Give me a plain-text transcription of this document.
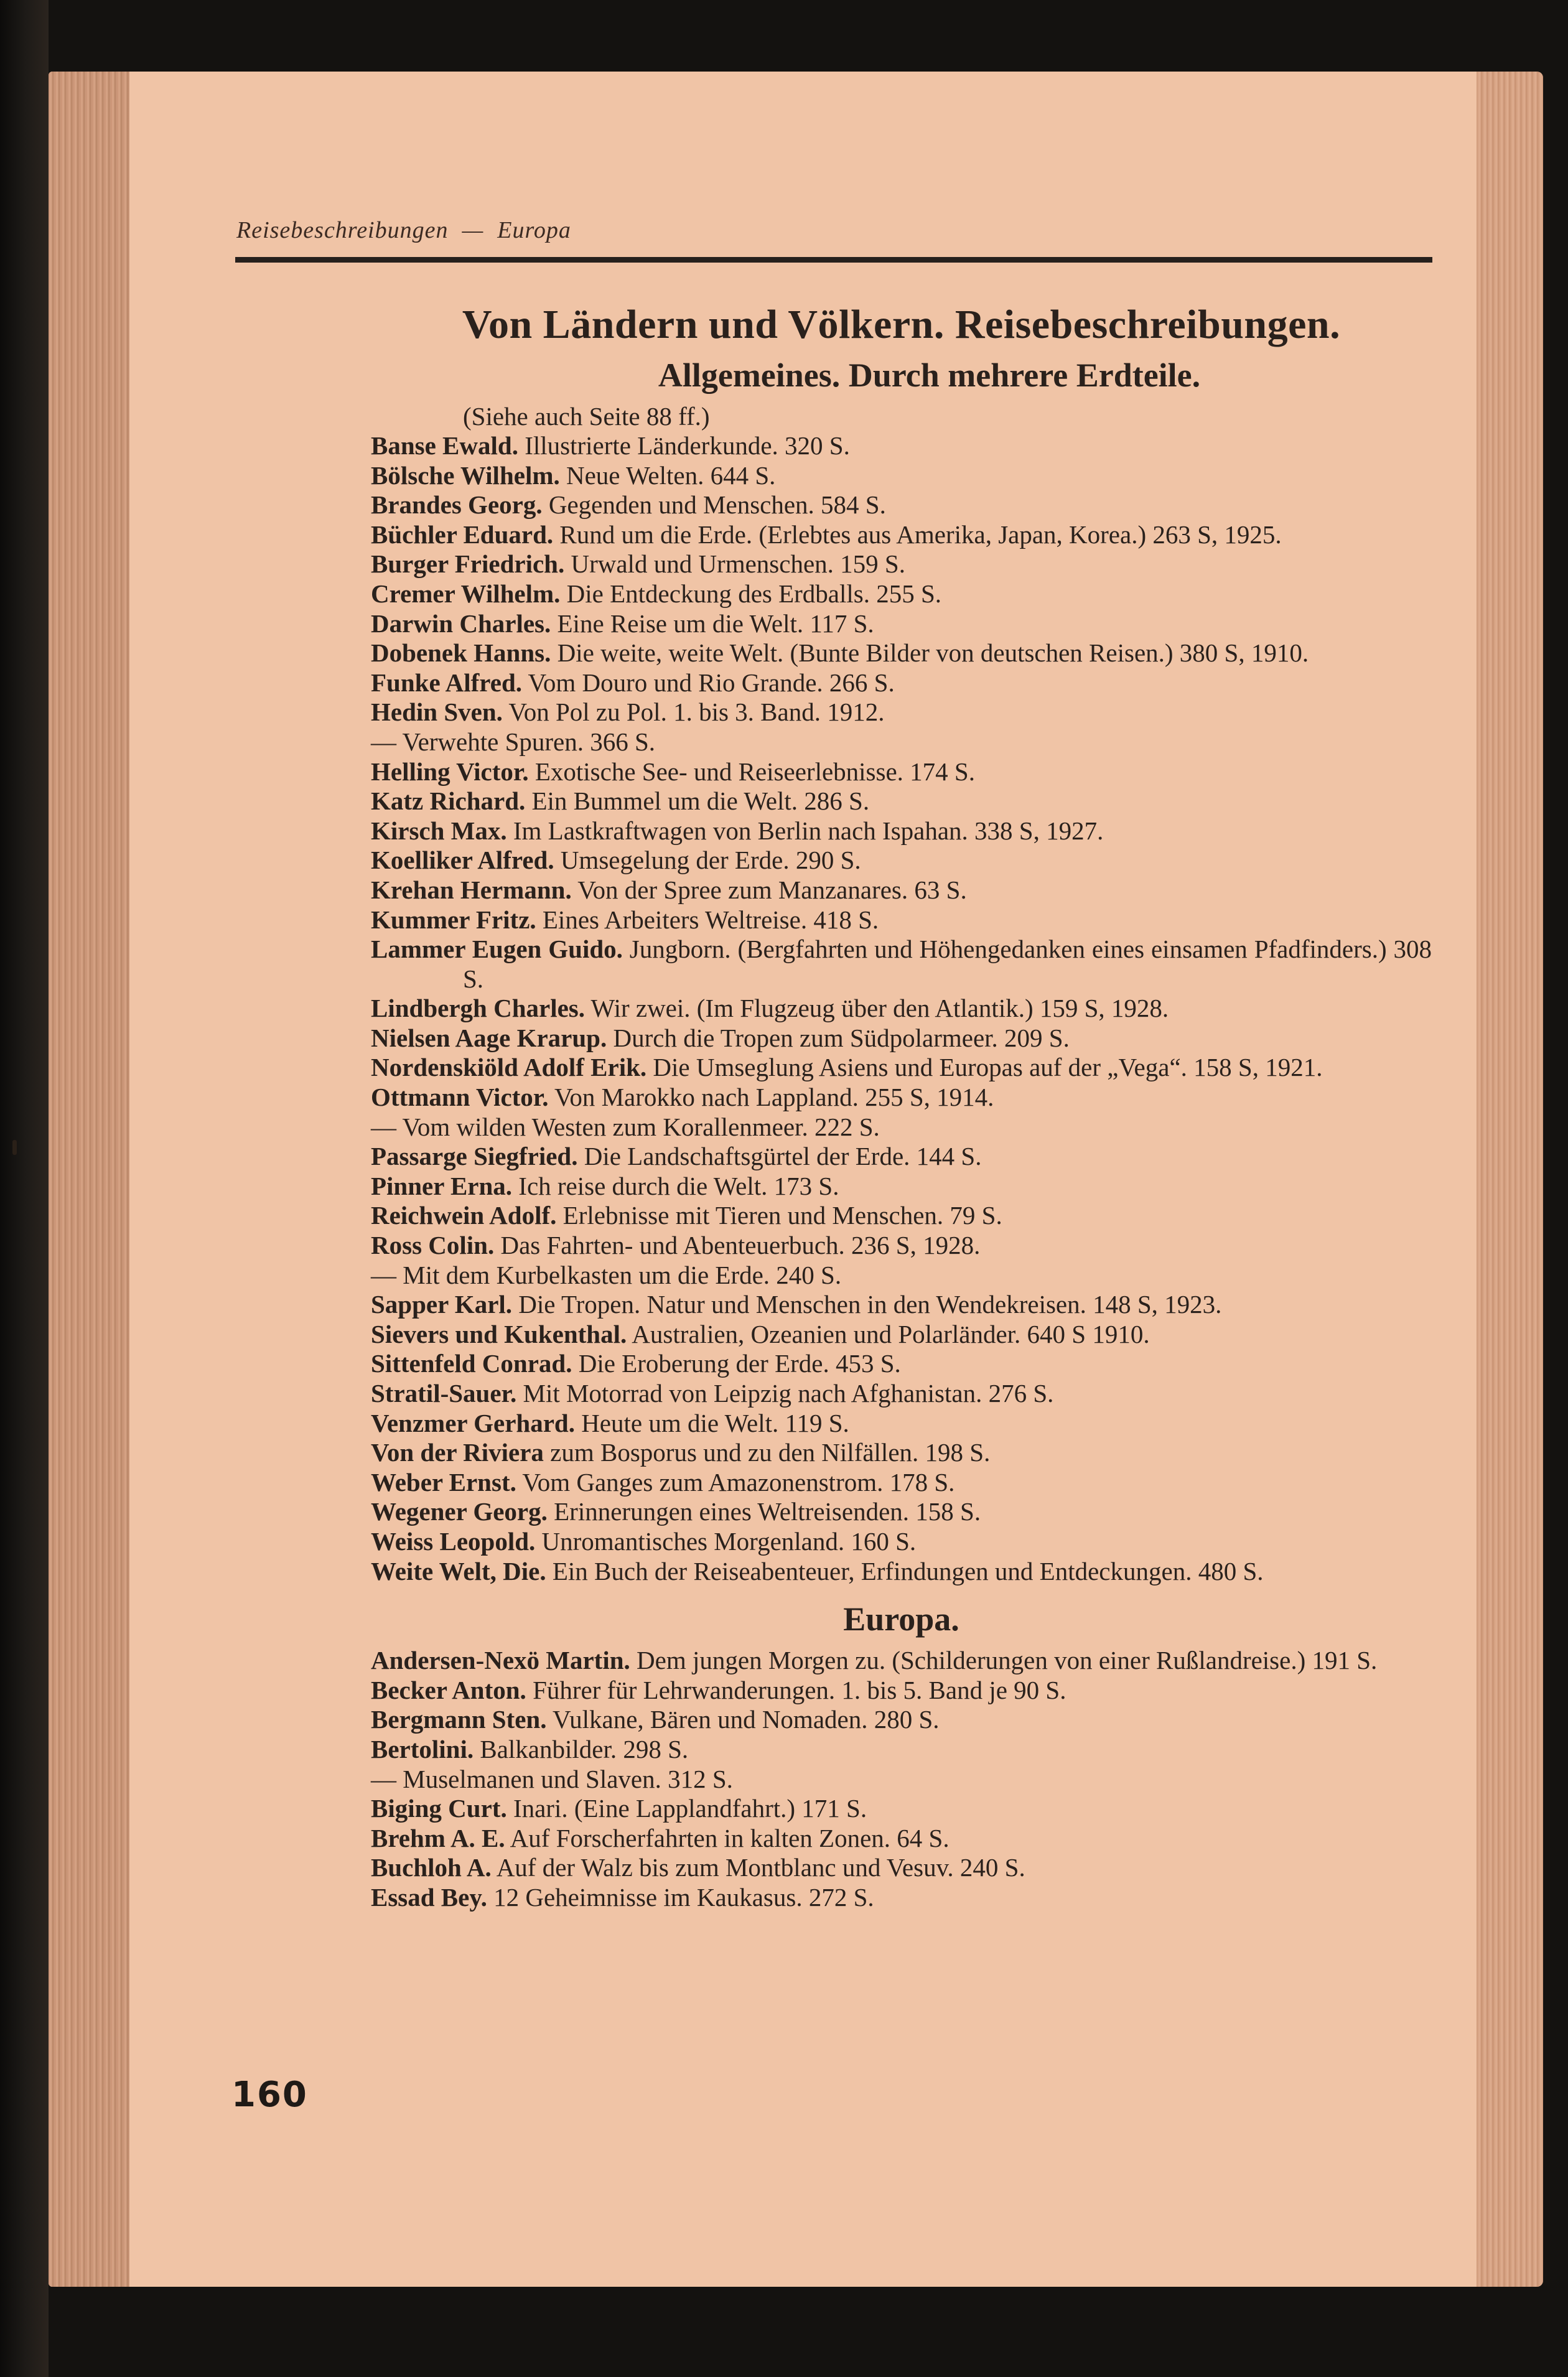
Reisebeschreibungen — Europa
Von Ländern und Völkern. Reisebeschreibungen.
Allgemeines. Durch mehrere Erdteile.
(Siehe auch Seite 88 ff.)
Banse Ewald. Illustrierte Länderkunde. 320 S.
Bölsche Wilhelm. Neue Welten. 644 S.
Brandes Georg. Gegenden und Menschen. 584 S.
Büchler Eduard. Rund um die Erde. (Erlebtes aus Amerika, Japan, Korea.) 263 S, 1925.
Burger Friedrich. Urwald und Urmenschen. 159 S.
Cremer Wilhelm. Die Entdeckung des Erdballs. 255 S.
Darwin Charles. Eine Reise um die Welt. 117 S.
Dobenek Hanns. Die weite, weite Welt. (Bunte Bilder von deutschen Reisen.) 380 S, 1910.
Funke Alfred. Vom Douro und Rio Grande. 266 S.
Hedin Sven. Von Pol zu Pol. 1. bis 3. Band. 1912.
— Verwehte Spuren. 366 S.
Helling Victor. Exotische See- und Reiseerlebnisse. 174 S.
Katz Richard. Ein Bummel um die Welt. 286 S.
Kirsch Max. Im Lastkraftwagen von Berlin nach Ispahan. 338 S, 1927.
Koelliker Alfred. Umsegelung der Erde. 290 S.
Krehan Hermann. Von der Spree zum Manzanares. 63 S.
Kummer Fritz. Eines Arbeiters Weltreise. 418 S.
Lammer Eugen Guido. Jungborn. (Bergfahrten und Höhengedanken eines einsamen Pfadfinders.) 308 S.
Lindbergh Charles. Wir zwei. (Im Flugzeug über den Atlantik.) 159 S, 1928.
Nielsen Aage Krarup. Durch die Tropen zum Südpolarmeer. 209 S.
Nordenskiöld Adolf Erik. Die Umseglung Asiens und Europas auf der „Vega“. 158 S, 1921.
Ottmann Victor. Von Marokko nach Lappland. 255 S, 1914.
— Vom wilden Westen zum Korallenmeer. 222 S.
Passarge Siegfried. Die Landschaftsgürtel der Erde. 144 S.
Pinner Erna. Ich reise durch die Welt. 173 S.
Reichwein Adolf. Erlebnisse mit Tieren und Menschen. 79 S.
Ross Colin. Das Fahrten- und Abenteuerbuch. 236 S, 1928.
— Mit dem Kurbelkasten um die Erde. 240 S.
Sapper Karl. Die Tropen. Natur und Menschen in den Wendekreisen. 148 S, 1923.
Sievers und Kukenthal. Australien, Ozeanien und Polarländer. 640 S 1910.
Sittenfeld Conrad. Die Eroberung der Erde. 453 S.
Stratil-Sauer. Mit Motorrad von Leipzig nach Afghanistan. 276 S.
Venzmer Gerhard. Heute um die Welt. 119 S.
Von der Riviera zum Bosporus und zu den Nilfällen. 198 S.
Weber Ernst. Vom Ganges zum Amazonenstrom. 178 S.
Wegener Georg. Erinnerungen eines Weltreisenden. 158 S.
Weiss Leopold. Unromantisches Morgenland. 160 S.
Weite Welt, Die. Ein Buch der Reiseabenteuer, Erfindungen und Entdeckungen. 480 S.
Europa.
Andersen-Nexö Martin. Dem jungen Morgen zu. (Schilderungen von einer Rußlandreise.) 191 S.
Becker Anton. Führer für Lehrwanderungen. 1. bis 5. Band je 90 S.
Bergmann Sten. Vulkane, Bären und Nomaden. 280 S.
Bertolini. Balkanbilder. 298 S.
— Muselmanen und Slaven. 312 S.
Biging Curt. Inari. (Eine Lapplandfahrt.) 171 S.
Brehm A. E. Auf Forscherfahrten in kalten Zonen. 64 S.
Buchloh A. Auf der Walz bis zum Montblanc und Vesuv. 240 S.
Essad Bey. 12 Geheimnisse im Kaukasus. 272 S.
160
